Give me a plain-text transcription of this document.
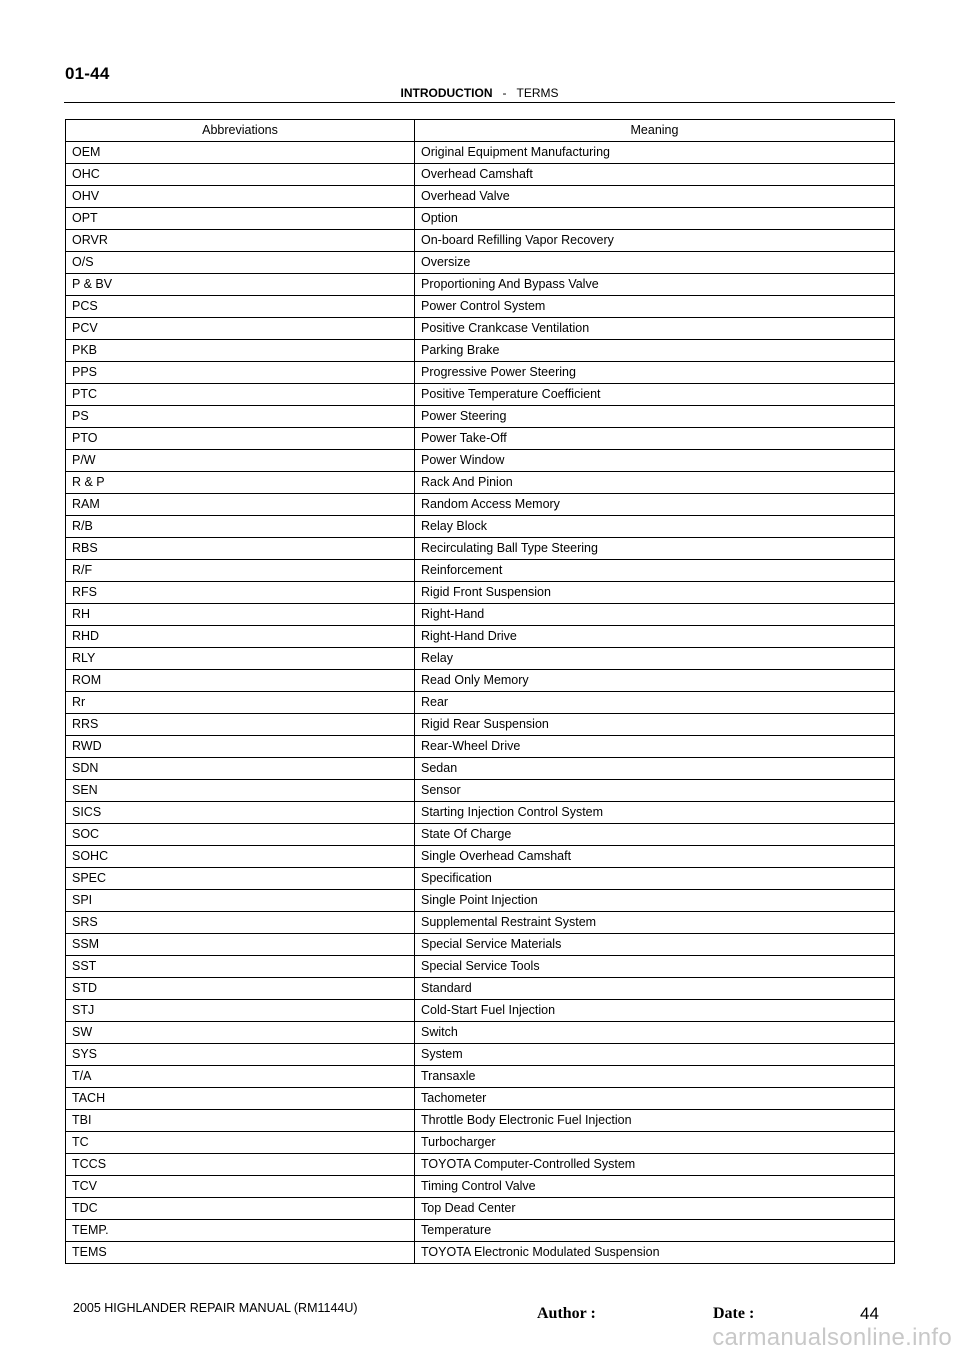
01-44
INTRODUCTION - TERMS
Abbreviations	Meaning
OEM	Original Equipment Manufacturing
OHC	Overhead Camshaft
OHV	Overhead Valve
OPT	Option
ORVR	On-board Refilling Vapor Recovery
O/S	Oversize
P & BV	Proportioning And Bypass Valve
PCS	Power Control System
PCV	Positive Crankcase Ventilation
PKB	Parking Brake
PPS	Progressive Power Steering
PTC	Positive Temperature Coefficient
PS	Power Steering
PTO	Power Take-Off
P/W	Power Window
R & P	Rack And Pinion
RAM	Random Access Memory
R/B	Relay Block
RBS	Recirculating Ball Type Steering
R/F	Reinforcement
RFS	Rigid Front Suspension
RH	Right-Hand
RHD	Right-Hand Drive
RLY	Relay
ROM	Read Only Memory
Rr	Rear
RRS	Rigid Rear Suspension
RWD	Rear-Wheel Drive
SDN	Sedan
SEN	Sensor
SICS	Starting Injection Control System
SOC	State Of Charge
SOHC	Single Overhead Camshaft
SPEC	Specification
SPI	Single Point Injection
SRS	Supplemental Restraint System
SSM	Special Service Materials
SST	Special Service Tools
STD	Standard
STJ	Cold-Start Fuel Injection
SW	Switch
SYS	System
T/A	Transaxle
TACH	Tachometer
TBI	Throttle Body Electronic Fuel Injection
TC	Turbocharger
TCCS	TOYOTA Computer-Controlled System
TCV	Timing Control Valve
TDC	Top Dead Center
TEMP.	Temperature
TEMS	TOYOTA Electronic Modulated Suspension
2005 HIGHLANDER REPAIR MANUAL (RM1144U)	Author :	Date :	44
carmanualsonline.info
